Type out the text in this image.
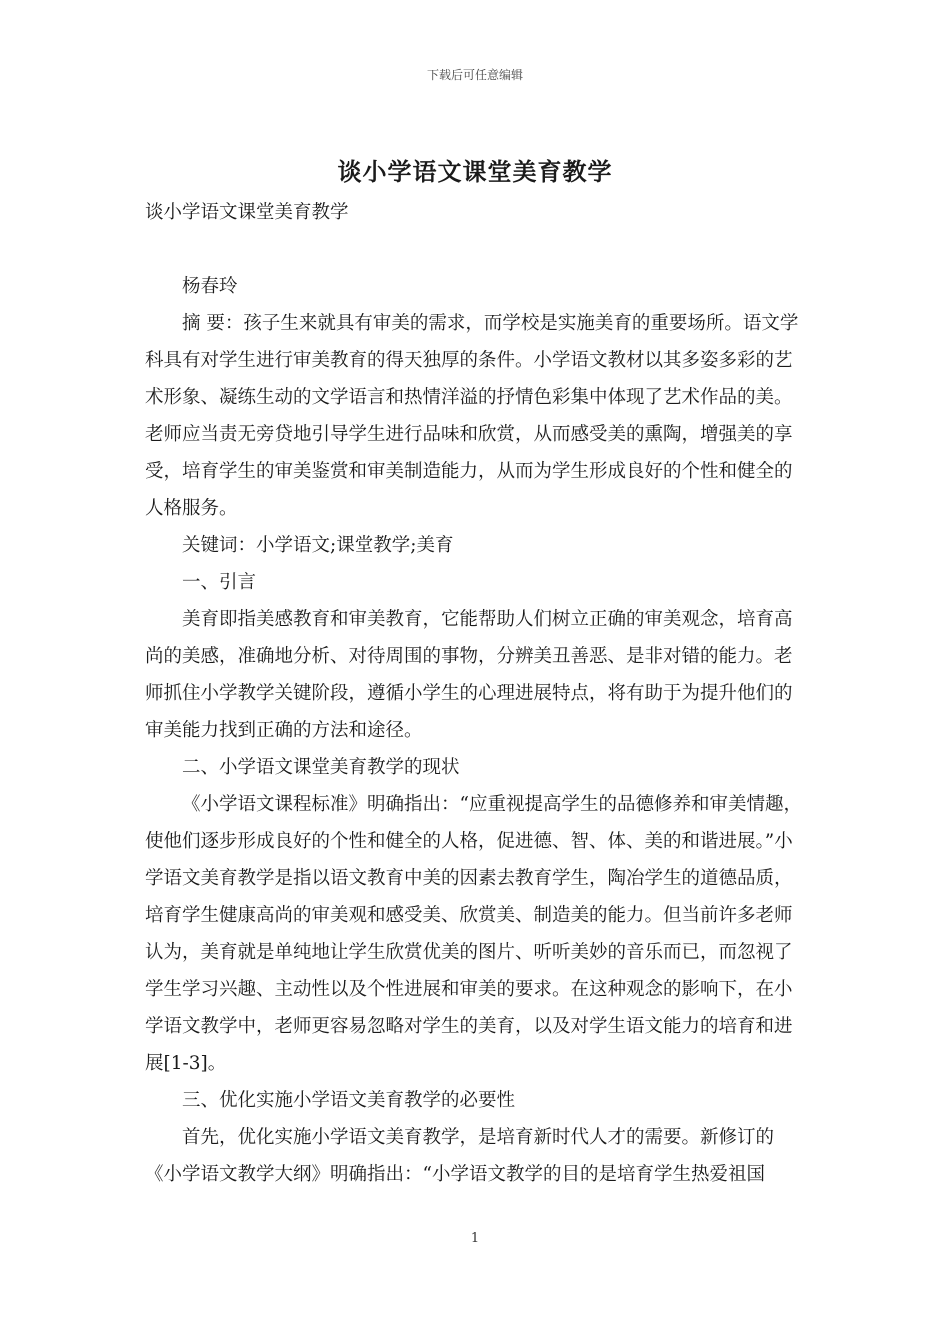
下载后可任意编辑
谈小学语文课堂美育教学

谈小学语文课堂美育教学

杨春玲

摘 要：孩子生来就具有审美的需求，而学校是实施美育的重要场所。语文学科具有对学生进行审美教育的得天独厚的条件。小学语文教材以其多姿多彩的艺术形象、凝练生动的文学语言和热情洋溢的抒情色彩集中体现了艺术作品的美。老师应当责无旁贷地引导学生进行品味和欣赏，从而感受美的熏陶，增强美的享受，培育学生的审美鉴赏和审美制造能力，从而为学生形成良好的个性和健全的人格服务。

关键词：小学语文;课堂教学;美育

一、引言

美育即指美感教育和审美教育，它能帮助人们树立正确的审美观念，培育高尚的美感，准确地分析、对待周围的事物，分辨美丑善恶、是非对错的能力。老师抓住小学教学关键阶段，遵循小学生的心理进展特点，将有助于为提升他们的审美能力找到正确的方法和途径。

二、小学语文课堂美育教学的现状

《小学语文课程标准》明确指出：“应重视提高学生的品德修养和审美情趣，使他们逐步形成良好的个性和健全的人格，促进德、智、体、美的和谐进展。”小学语文美育教学是指以语文教育中美的因素去教育学生，陶冶学生的道德品质，培育学生健康高尚的审美观和感受美、欣赏美、制造美的能力。但当前许多老师认为，美育就是单纯地让学生欣赏优美的图片、听听美妙的音乐而已，而忽视了学生学习兴趣、主动性以及个性进展和审美的要求。在这种观念的影响下，在小学语文教学中，老师更容易忽略对学生的美育，以及对学生语文能力的培育和进展[1-3]。

三、优化实施小学语文美育教学的必要性

首先，优化实施小学语文美育教学，是培育新时代人才的需要。新修订的《小学语文教学大纲》明确指出：“小学语文教学的目的是培育学生热爱祖国

1
